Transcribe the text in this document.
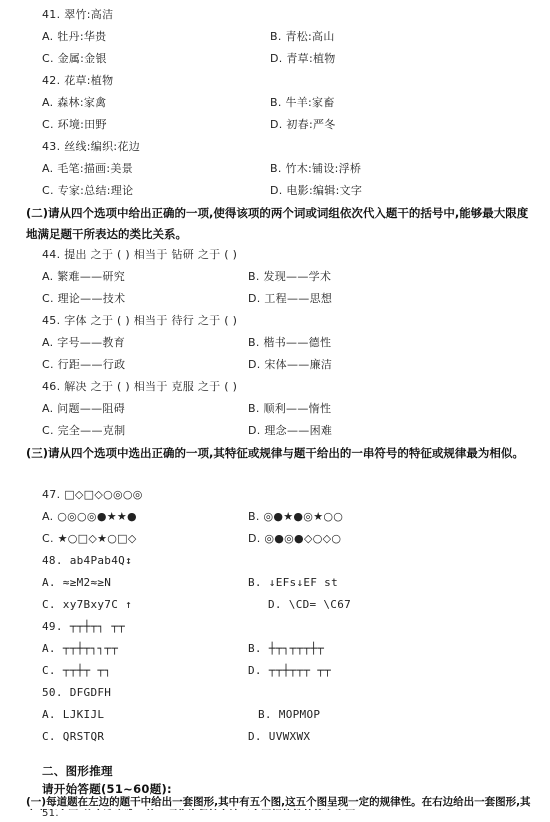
41. 翠竹:高洁
A. 牡丹:华贵	B. 青松:高山
C. 金属:金银	D. 青草:植物
42. 花草:植物
A. 森林:家禽	B. 牛羊:家畜
C. 环境:田野	D. 初春:严冬
43. 丝线:编织:花边
A. 毛笔:描画:美景	B. 竹木:铺设:浮桥
C. 专家:总结:理论	D. 电影:编辑:文字
(二)请从四个选项中给出正确的一项,使得该项的两个词或词组依次代入题干的括号中,能够最大限度地满足题干所表达的类比关系。
44. 提出 之于 ( ) 相当于 钻研 之于 ( )
A. 繁难——研究	B. 发现——学术
C. 理论——技术	D. 工程——思想
45. 字体 之于 ( ) 相当于 待行 之于 ( )
A. 字号——教育	B. 楷书——德性
C. 行距——行政	D. 宋体——廉洁
46. 解决 之于 ( ) 相当于 克服 之于 ( )
A. 问题——阻碍	B. 顺利——惰性
C. 完全——克制	D. 理念——困难
(三)请从四个选项中选出正确的一项,其特征或规律与题干给出的一串符号的特征或规律最为相似。
47. □◇□◇○◎○◎
A. ○◎○◎●★★●	B. ◎●★●◎★○○
C. ★○□◇★○□◇	D. ◎●◎●◇○◇○
48. ab4Pab4Q↕
A. ≈≥M2≈≥N	B. ↓EFs↓EF st
C. xy7Bxy7C ↑	D. \CD= \C67
49. ┬┬┼┬┐ ┬┬
A. ┬┬┼┬┐┐┬┬	B. ┼┬┐┬┬┬┼┬
C. ┬┬┼┬ ┬┐	D. ┬┬┼┬┬┬ ┬┬
50. DFGDFH
A. LJKIJL	B. MOPMOP
C. QRSTQR	D. UVWXWX
二、图形推理
请开始答题(51~60题):
(一)每道题在左边的题干中给出一套图形,其中有五个图,这五个图呈现一定的规律性。在右边给出一套图形,其
51.
